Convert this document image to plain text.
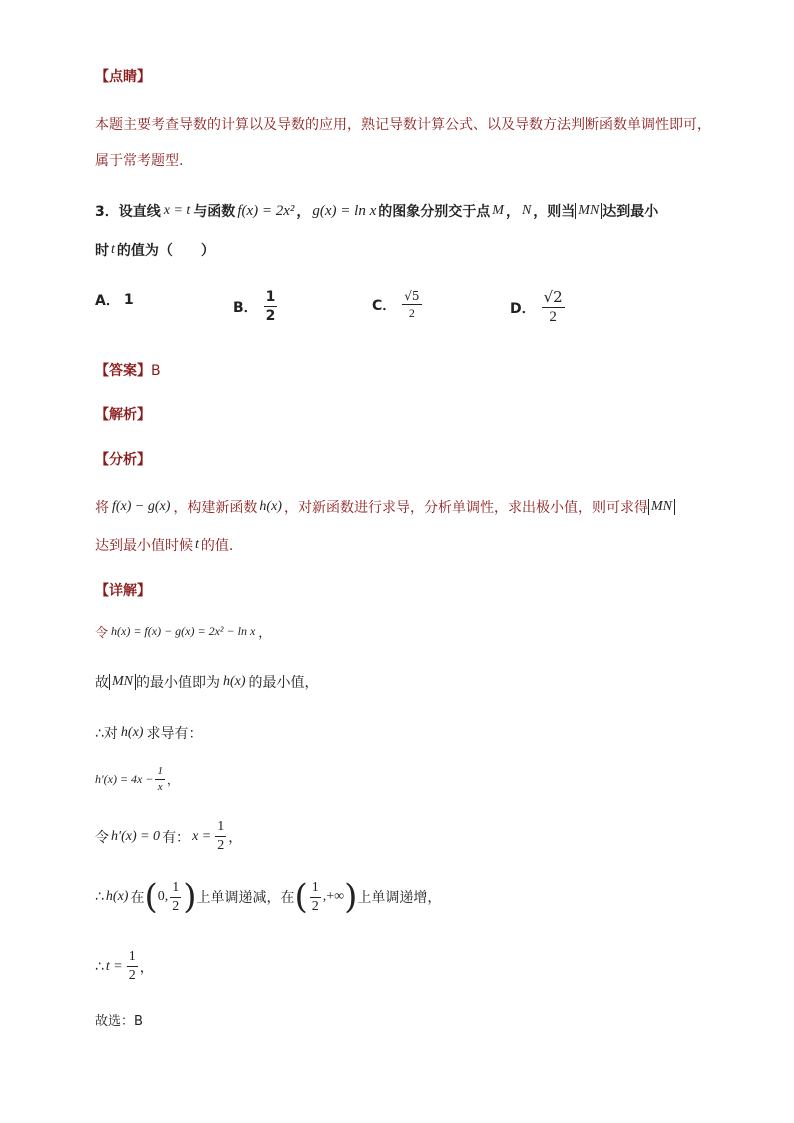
【点睛】
本题主要考查导数的计算以及导数的应用，熟记导数计算公式、以及导数方法判断函数单调性即可，
属于常考题型.
3． 设直线 x = t 与函数 f(x) = 2x² ， g(x) = ln x 的图象分别交于点 M ， N ，则当 MN 达到最小
时 t 的值为（　　）
A． 1	B． $\frac{1}{2}$	C． $\frac{√5}{2}$	D． $\frac{√2}{2}$
【答案】B
【解析】
【分析】
将 f(x) − g(x) ，构建新函数 h(x) ，对新函数进行求导，分析单调性，求出极小值，则可求得 MN
达到最小值时候 t 的值.
【详解】
令 h(x) = f(x) − g(x) = 2x² − ln x ，
故 MN 的最小值即为 h(x) 的最小值，
∴对 h(x) 求导有：
$h'(x) = 4x - \frac{1}{x}$ ，
令 h′(x) = 0 有： $x = \frac{1}{2}$ ，
∴ h(x) 在 ( 0, $\frac{1}{2}$ ) 上单调递减，在 ( $\frac{1}{2}$ ,+∞ ) 上单调递增，
∴ $t = \frac{1}{2}$ ，
故选：B
